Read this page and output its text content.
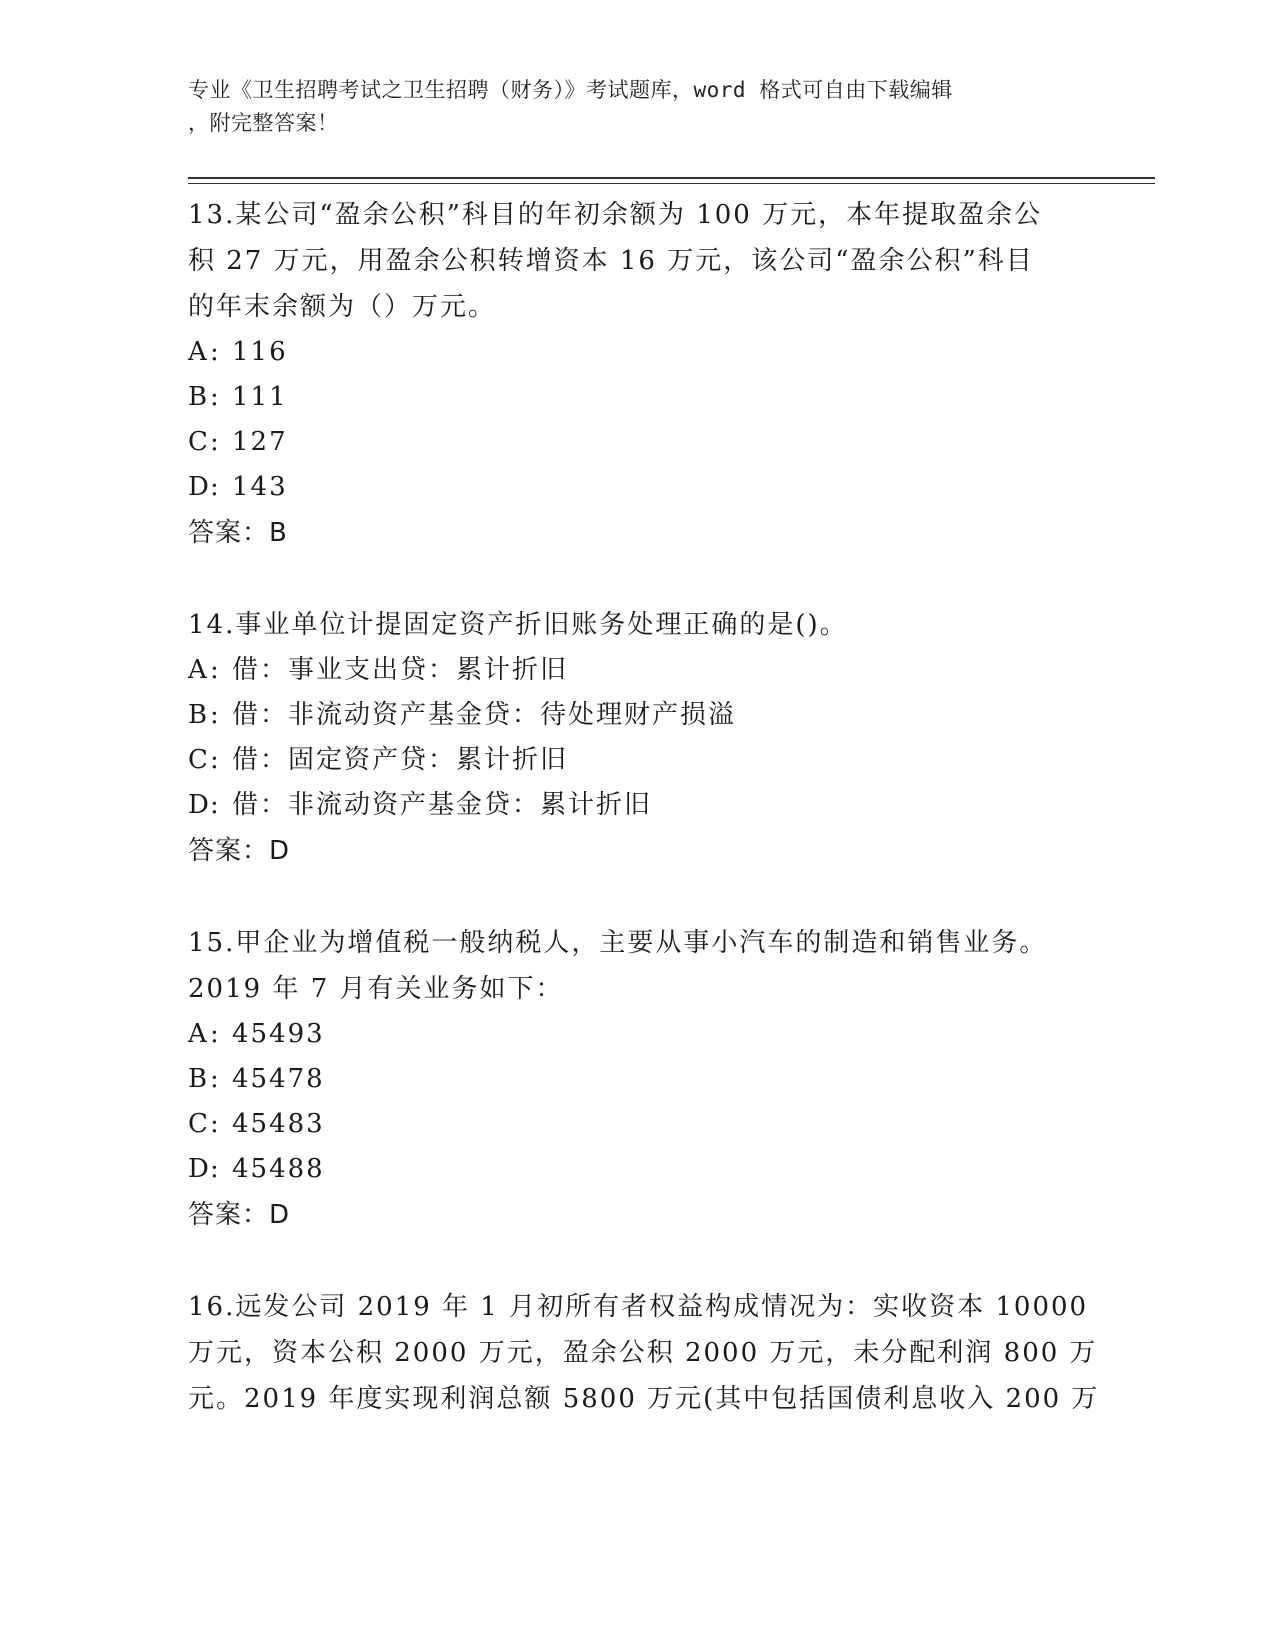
专业《卫生招聘考试之卫生招聘（财务）》考试题库，word 格式可自由下载编辑
，附完整答案！
13.某公司“盈余公积”科目的年初余额为 100 万元，本年提取盈余公
积 27 万元，用盈余公积转增资本 16 万元，该公司“盈余公积”科目
的年末余额为（）万元。
A: 116
B: 111
C: 127
D: 143
答案：B
14.事业单位计提固定资产折旧账务处理正确的是()。
A: 借：事业支出贷：累计折旧
B: 借：非流动资产基金贷：待处理财产损溢
C: 借：固定资产贷：累计折旧
D: 借：非流动资产基金贷：累计折旧
答案：D
15.甲企业为增值税一般纳税人，主要从事小汽车的制造和销售业务。
2019 年 7 月有关业务如下：
A: 45493
B: 45478
C: 45483
D: 45488
答案：D
16.远发公司 2019 年 1 月初所有者权益构成情况为：实收资本 10000
万元，资本公积 2000 万元，盈余公积 2000 万元，未分配利润 800 万
元。2019 年度实现利润总额 5800 万元(其中包括国债利息收入 200 万
